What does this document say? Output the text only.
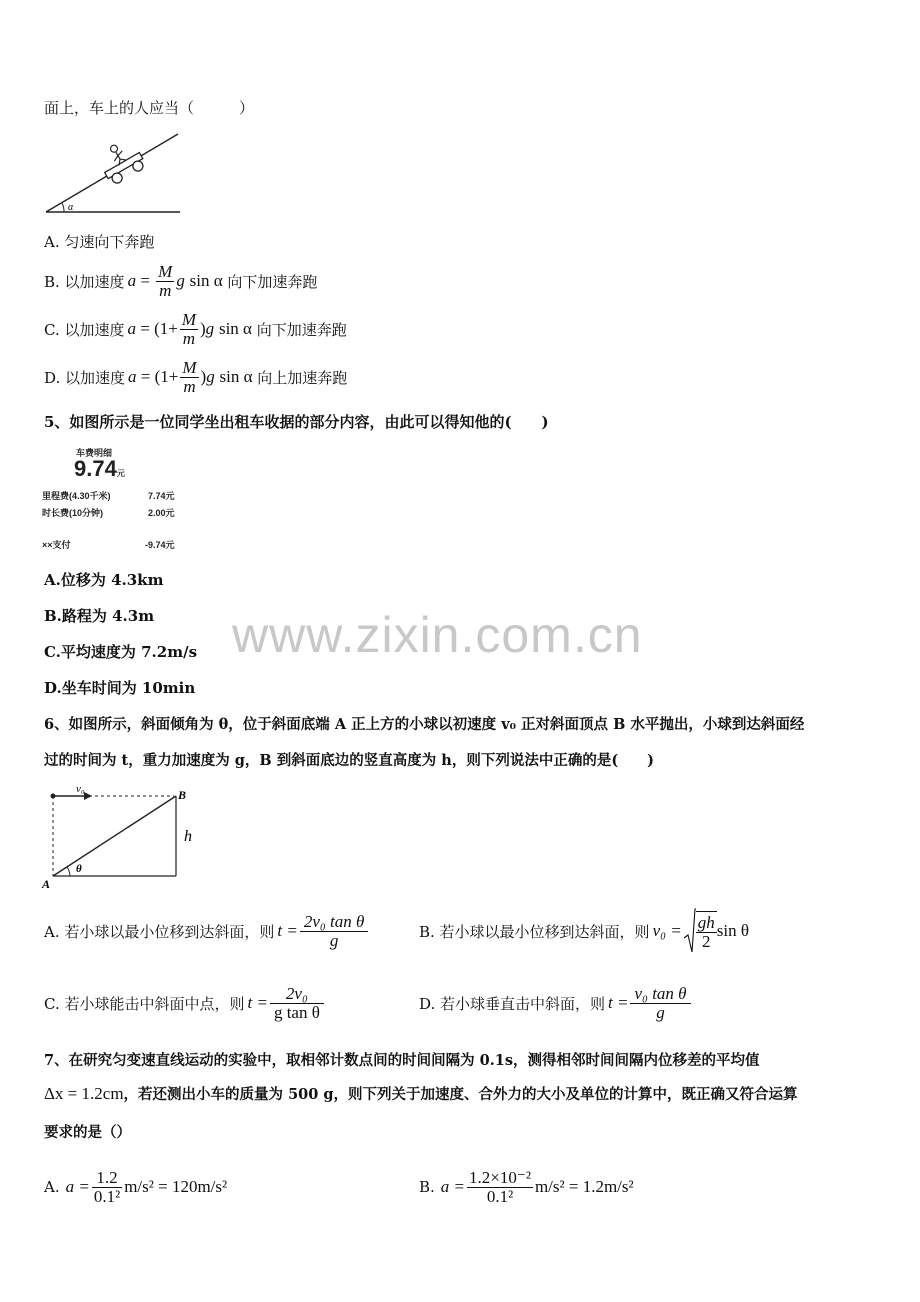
面上，车上的人应当（　　　）
α
A. 匀速向下奔跑
B. 以加速度 $a = \frac{M}{m}$ g
sin α
向下加速奔跑
C. 以加速度 $a = (1+ \frac{M}{m}$ ) g
sin α
向下加速奔跑
D. 以加速度 $a = (1+ \frac{M}{m}$ ) g
sin α
向上加速奔跑
5、如图所示是一位同学坐出租车收据的部分内容，由此可以得知他的(　　)
车费明细
9.74元
里程费(4.30千米)	7.74元
时长费(10分钟)	2.00元
××支付	-9.74元
A.位移为 4.3km
B.路程为 4.3m
C.平均速度为 7.2m/s
D.坐车时间为 10min
www.zixin.com.cn
6、如图所示，斜面倾角为 θ，位于斜面底端 A 正上方的小球以初速度 v₀ 正对斜面顶点 B 水平抛出，小球到达斜面经
过的时间为 t，重力加速度为 g，B 到斜面底边的竖直高度为 h，则下列说法中正确的是(　　)
v₀	B
h
A
θ
A. 若小球以最小位移到达斜面，则 $t = \frac{\text{2v₀ tan θ}}{g}$	B. 若小球以最小位移到达斜面，则 $v_0 = \frac{gh}{2}$ sin θ
C. 若小球能击中斜面中点，则 $t = \frac{\text{2v₀}}{\text{g tan θ}}$	D. 若小球垂直击中斜面，则 $t = \frac{\text{v₀ tan θ}}{g}$
7、在研究匀变速直线运动的实验中，取相邻计数点间的时间间隔为 0.1s，测得相邻时间间隔内位移差的平均值
Δx = 1.2cm，若还测出小车的质量为 500 g，则下列关于加速度、合外力的大小及单位的计算中，既正确又符合运算
要求的是（）
A. $a = \frac{1.2}{\text{0.1²}} m/s^2 = 120m/s^2$	B. $a = \frac{\text{1.2×10⁻²}}{\text{0.1²}} m/s^2 = 1.2m/s^2$
